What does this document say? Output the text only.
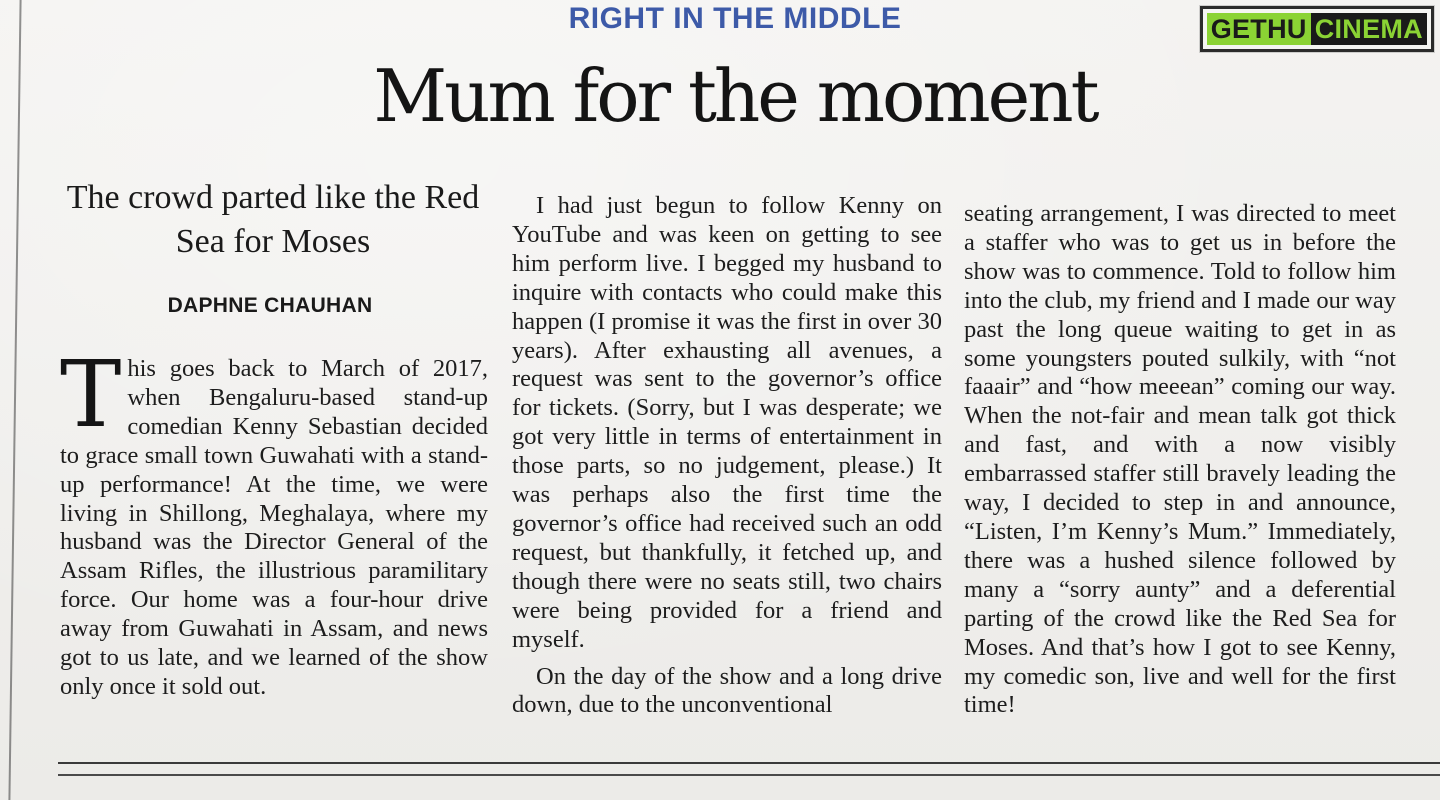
RIGHT IN THE MIDDLE	GETHU CINEMA
Mum for the moment
The crowd parted like the Red Sea for Moses
DAPHNE CHAUHAN
This goes back to March of 2017, when Bengaluru-based stand-up comedian Kenny Sebastian decided to grace small town Guwahati with a stand-up performance! At the time, we were living in Shillong, Meghalaya, where my husband was the Director General of the Assam Rifles, the illustrious paramilitary force. Our home was a four-hour drive away from Guwahati in Assam, and news got to us late, and we learned of the show only once it sold out.

I had just begun to follow Kenny on YouTube and was keen on getting to see him perform live. I begged my husband to inquire with contacts who could make this happen (I promise it was the first in over 30 years). After exhausting all avenues, a request was sent to the governor’s office for tickets. (Sorry, but I was desperate; we got very little in terms of entertainment in those parts, so no judgement, please.) It was perhaps also the first time the governor’s office had received such an odd request, but thankfully, it fetched up, and though there were no seats still, two chairs were being provided for a friend and myself.

On the day of the show and a long drive down, due to the unconventional

seating arrangement, I was directed to meet a staffer who was to get us in before the show was to commence. Told to follow him into the club, my friend and I made our way past the long queue waiting to get in as some youngsters pouted sulkily, with “not faaair” and “how meeean” coming our way. When the not-fair and mean talk got thick and fast, and with a now visibly embarrassed staffer still bravely leading the way, I decided to step in and announce, “Listen, I’m Kenny’s Mum.” Immediately, there was a hushed silence followed by many a “sorry aunty” and a deferential parting of the crowd like the Red Sea for Moses. And that’s how I got to see Kenny, my comedic son, live and well for the first time!
